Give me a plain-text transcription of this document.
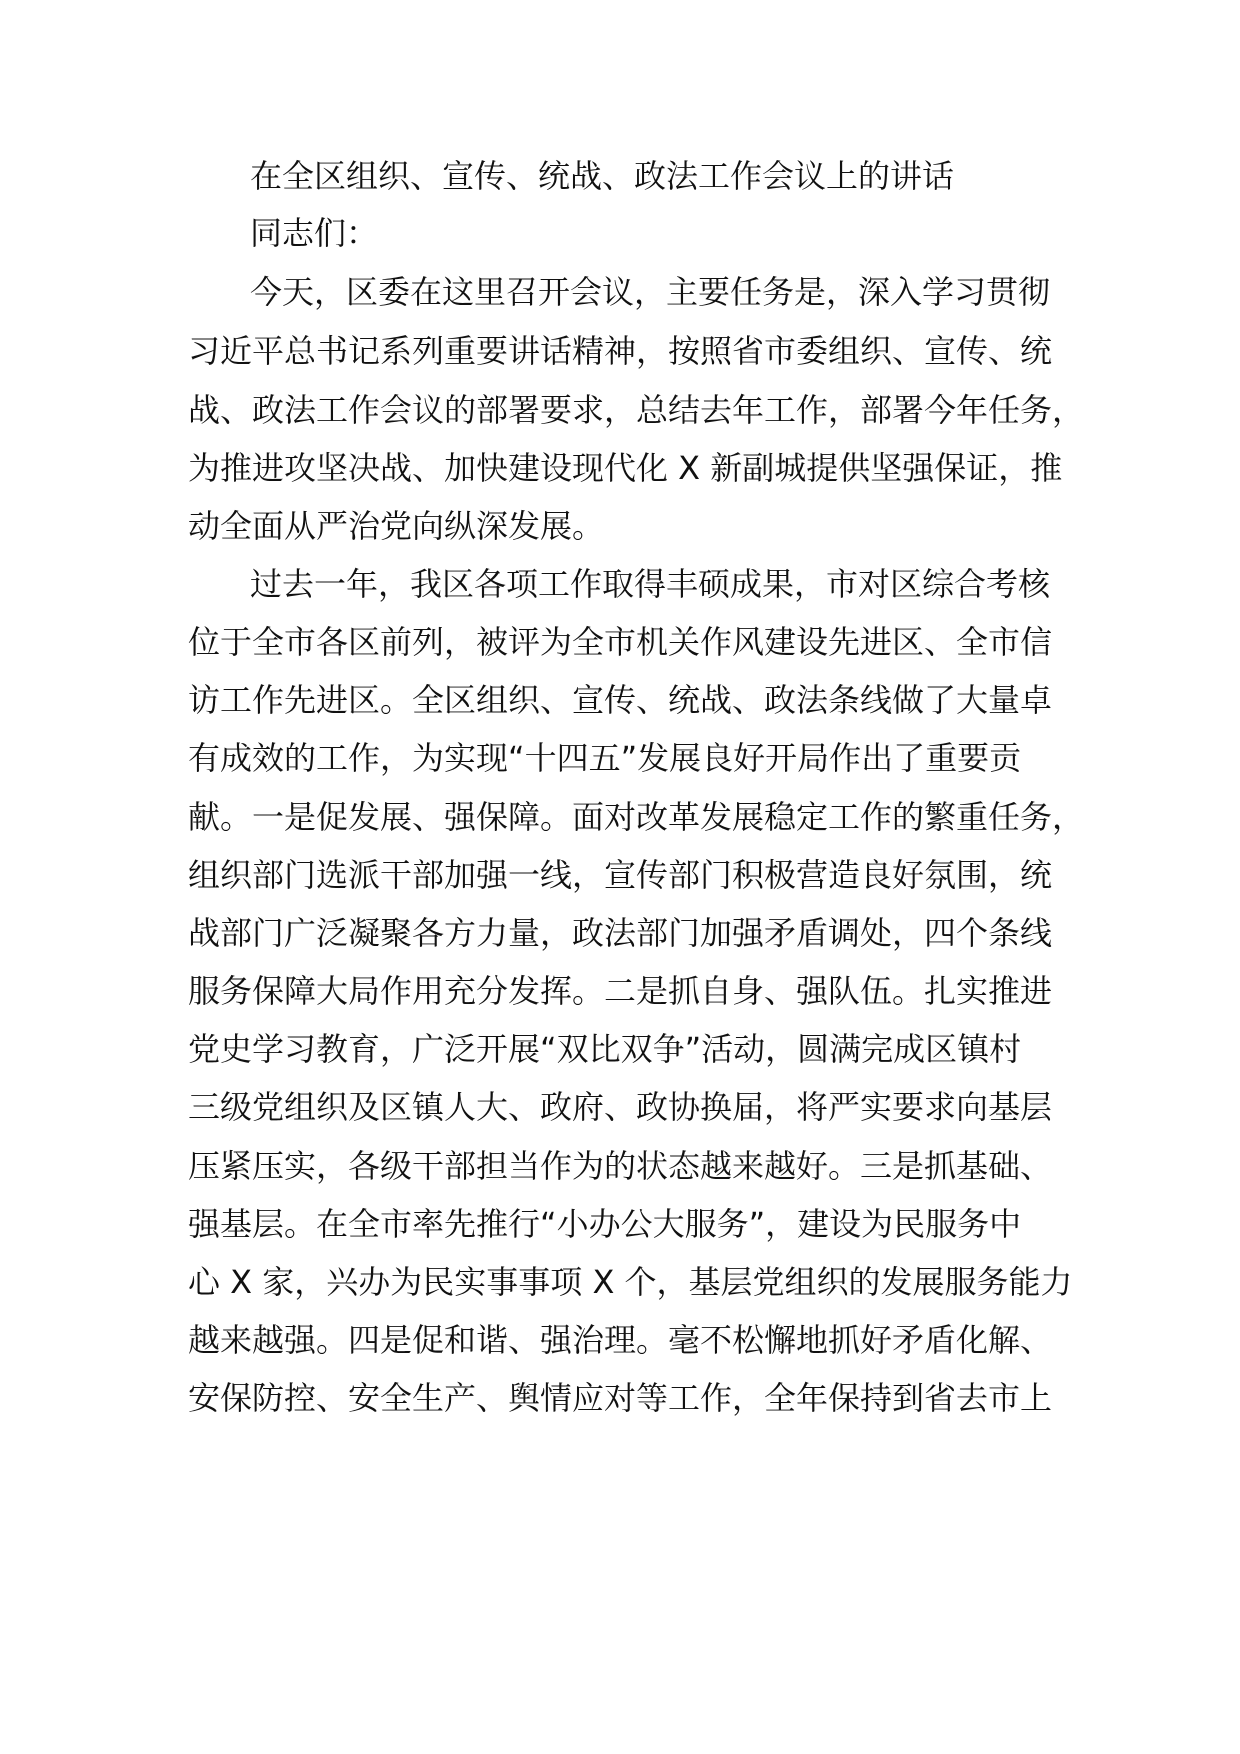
在全区组织、宣传、统战、政法工作会议上的讲话
同志们：
今天，区委在这里召开会议，主要任务是，深入学习贯彻
习近平总书记系列重要讲话精神，按照省市委组织、宣传、统
战、政法工作会议的部署要求，总结去年工作，部署今年任务，
为推进攻坚决战、加快建设现代化 X 新副城提供坚强保证，推
动全面从严治党向纵深发展。
过去一年，我区各项工作取得丰硕成果，市对区综合考核
位于全市各区前列，被评为全市机关作风建设先进区、全市信
访工作先进区。全区组织、宣传、统战、政法条线做了大量卓
有成效的工作，为实现“十四五”发展良好开局作出了重要贡
献。一是促发展、强保障。面对改革发展稳定工作的繁重任务，
组织部门选派干部加强一线，宣传部门积极营造良好氛围，统
战部门广泛凝聚各方力量，政法部门加强矛盾调处，四个条线
服务保障大局作用充分发挥。二是抓自身、强队伍。扎实推进
党史学习教育，广泛开展“双比双争”活动，圆满完成区镇村
三级党组织及区镇人大、政府、政协换届，将严实要求向基层
压紧压实，各级干部担当作为的状态越来越好。三是抓基础、
强基层。在全市率先推行“小办公大服务”，建设为民服务中
心 X 家，兴办为民实事事项 X 个，基层党组织的发展服务能力
越来越强。四是促和谐、强治理。毫不松懈地抓好矛盾化解、
安保防控、安全生产、舆情应对等工作，全年保持到省去市上
